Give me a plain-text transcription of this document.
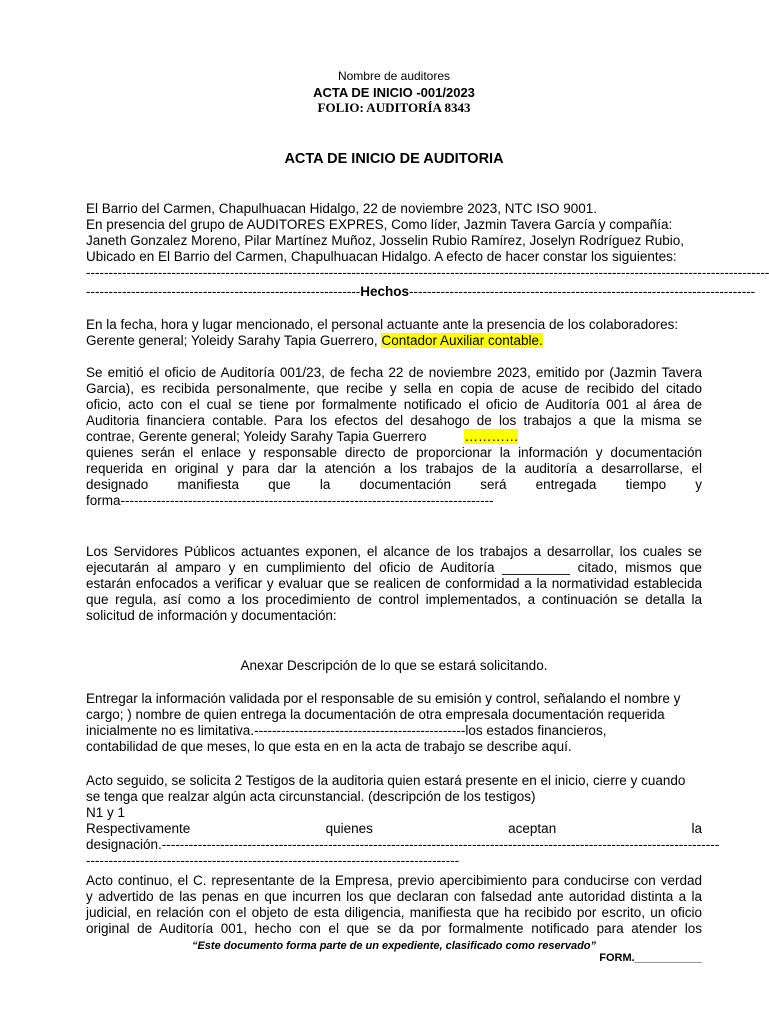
Nombre de auditores
ACTA DE INICIO -001/2023
FOLIO: AUDITORÍA 8343
ACTA DE INICIO DE AUDITORIA
El Barrio del Carmen, Chapulhuacan Hidalgo, 22 de noviembre 2023, NTC ISO 9001.
En presencia del grupo de AUDITORES EXPRES, Como líder, Jazmin Tavera García y compañía:
Janeth Gonzalez Moreno, Pilar Martínez Muñoz, Josselin Rubio Ramírez, Joselyn Rodríguez Rubio,
Ubicado en El Barrio del Carmen, Chapulhuacan Hidalgo. A efecto de hacer constar los siguientes:
--------------------------------------------------------------------------------------------------------------------------------------------------------
------------------------------------------------------------- Hechos -----------------------------------------------------------------------------
En la fecha, hora y lugar mencionado, el personal actuante ante la presencia de los colaboradores:
Gerente general; Yoleidy Sarahy Tapia Guerrero, Contador Auxiliar contable.
Se emitió el oficio de Auditoría 001/23, de fecha 22 de noviembre 2023, emitido por (Jazmin Tavera
Garcia), es recibida personalmente, que recibe y sella en copia de acuse de recibido del citado
oficio, acto con el cual se tiene por formalmente notificado el oficio de Auditoría 001 al área de
Auditoria financiera contable. Para los efectos del desahogo de los trabajos a que la misma se
contrae, Gerente general; Yoleidy Sarahy Tapia Guerrero	…………
quienes serán el enlace y responsable directo de proporcionar la información y documentación
requerida en original y para dar la atención a los trabajos de la auditoría a desarrollarse, el
designado manifiesta que la documentación será entregada tiempo y
forma-----------------------------------------------------------------------------------
Los Servidores Públicos actuantes exponen, el alcance de los trabajos a desarrollar, los cuales se
ejecutarán al amparo y en cumplimiento del oficio de Auditoría _________ citado, mismos que
estarán enfocados a verificar y evaluar que se realicen de conformidad a la normatividad establecida
que regula, así como a los procedimiento de control implementados, a continuación se detalla la
solicitud de información y documentación:
Anexar Descripción de lo que se estará solicitando.
Entregar la información validada por el responsable de su emisión y control, señalando el nombre y
cargo; ) nombre de quien entrega la documentación de otra empresala documentación requerida
inicialmente no es limitativa.-----------------------------------------------los estados financieros,
contabilidad de que meses, lo que esta en en la acta de trabajo se describe aquí.
Acto seguido, se solicita 2 Testigos de la auditoria quien estará presente en el inicio, cierre y cuando
se tenga que realzar algún acta circunstancial. (descripción de los testigos)
N1 y 1
Respectivamente quienes aceptan la
designación.----------------------------------------------------------------------------------------------------------------------------
-----------------------------------------------------------------------------------
Acto continuo, el C. representante de la Empresa, previo apercibimiento para conducirse con verdad
y advertido de las penas en que incurren los que declaran con falsedad ante autoridad distinta a la
judicial, en relación con el objeto de esta diligencia, manifiesta que ha recibido por escrito, un oficio
original de Auditoría 001, hecho con el que se da por formalmente notificado para atender los
“Este documento forma parte de un expediente, clasificado como reservado”
FORM.___________
